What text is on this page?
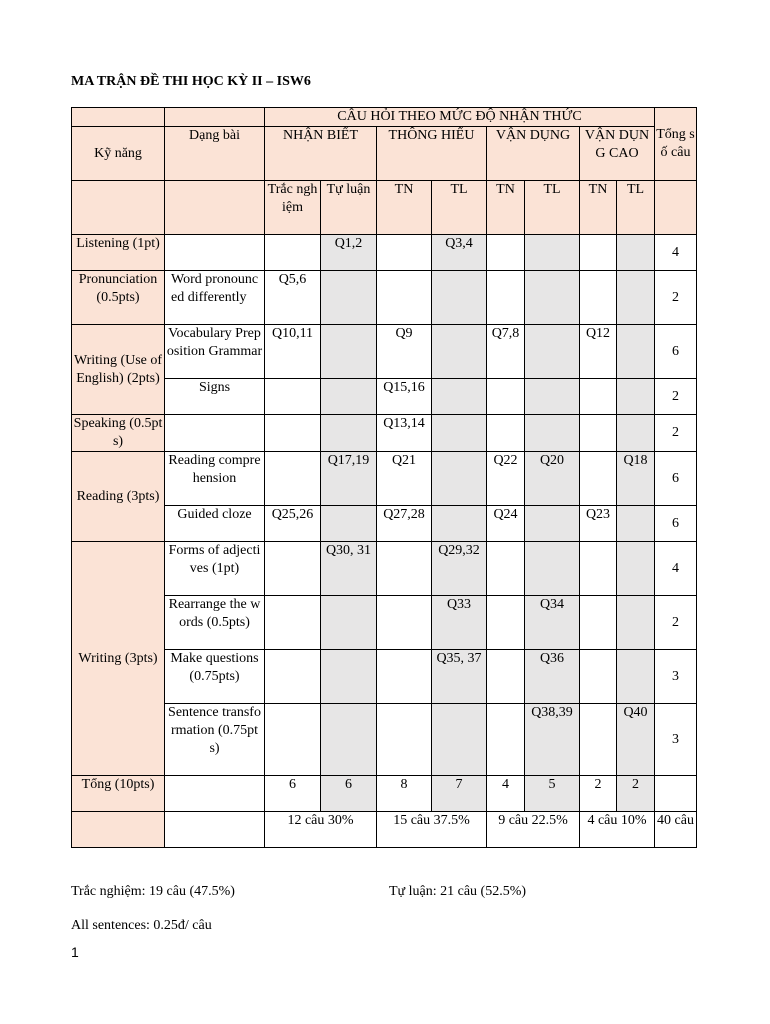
MA TRẬN ĐỀ THI HỌC KỲ II – ISW6
		CÂU HỎI THEO MỨC ĐỘ NHẬN THỨC								Tổng số câu
Kỹ năng	Dạng bài	NHẬN BIẾT		THÔNG HIỂU		VẬN DỤNG		VẬN DỤNG CAO		
		Trắc nghiệm	Tự luận	TN	TL	TN	TL	TN	TL	
Listening (1pt)			Q1,2		Q3,4					4
Pronunciation (0.5pts)	Word pronounced differently	Q5,6								2
Writing (Use of English) (2pts)	Vocabulary Preposition Grammar	Q10,11		Q9		Q7,8		Q12		6
	Signs			Q15,16						2
Speaking (0.5pts)				Q13,14						2
Reading (3pts)	Reading comprehension		Q17,19	Q21		Q22	Q20		Q18	6
	Guided cloze	Q25,26		Q27,28		Q24		Q23		6
Writing (3pts)	Forms of adjectives (1pt)		Q30, 31		Q29,32					4
	Rearrange the words (0.5pts)				Q33		Q34			2
	Make questions (0.75pts)				Q35, 37		Q36			3
	Sentence transformation (0.75pts)						Q38,39		Q40	3
Tổng (10pts)		6	6	8	7	4	5	2	2	
		12 câu 30%		15 câu 37.5%		9 câu 22.5%		4 câu 10%		40 câu
Trắc nghiệm: 19 câu (47.5%)	Tự luận: 21 câu (52.5%)
All sentences: 0.25đ/ câu
1
